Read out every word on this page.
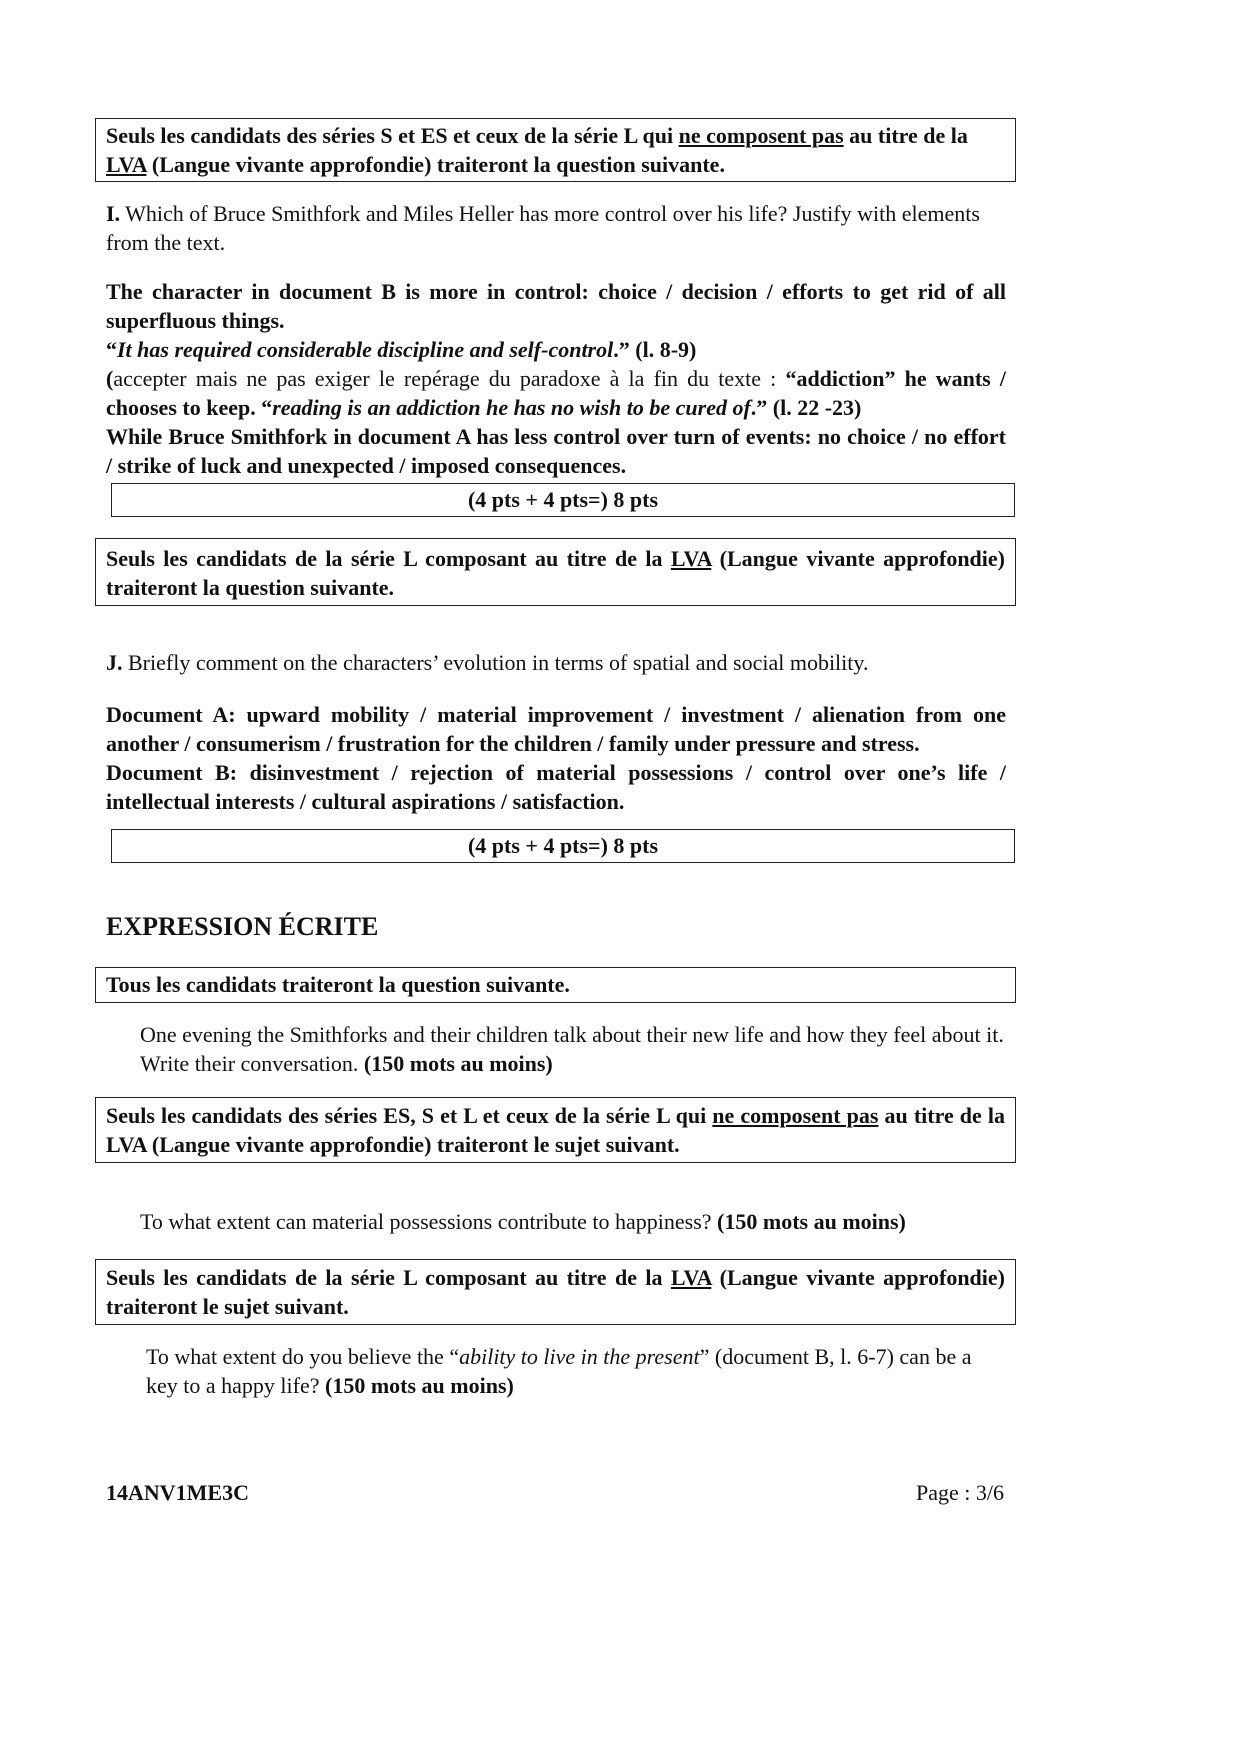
Seuls les candidats des séries S et ES et ceux de la série L qui ne composent pas au titre de la
LVA (Langue vivante approfondie) traiteront la question suivante.
I. Which of Bruce Smithfork and Miles Heller has more control over his life? Justify with elements from the text.
The character in document B is more in control: choice / decision / efforts to get rid of all superfluous things.
“It has required considerable discipline and self-control.” (l. 8-9)
(accepter mais ne pas exiger le repérage du paradoxe à la fin du texte : “addiction” he wants / chooses to keep. “reading is an addiction he has no wish to be cured of.” (l. 22 -23)
While Bruce Smithfork in document A has less control over turn of events: no choice / no effort / strike of luck and unexpected / imposed consequences.
(4 pts + 4 pts=) 8 pts
Seuls les candidats de la série L composant au titre de la LVA (Langue vivante approfondie) traiteront la question suivante.
J. Briefly comment on the characters’ evolution in terms of spatial and social mobility.
Document A: upward mobility / material improvement / investment / alienation from one another / consumerism / frustration for the children / family under pressure and stress.
Document B: disinvestment / rejection of material possessions / control over one’s life / intellectual interests / cultural aspirations / satisfaction.
(4 pts + 4 pts=) 8 pts
EXPRESSION ÉCRITE
Tous les candidats traiteront la question suivante.
One evening the Smithforks and their children talk about their new life and how they feel about it. Write their conversation. (150 mots au moins)
Seuls les candidats des séries ES, S et L et ceux de la série L qui ne composent pas au titre de la LVA (Langue vivante approfondie) traiteront le sujet suivant.
To what extent can material possessions contribute to happiness? (150 mots au moins)
Seuls les candidats de la série L composant au titre de la LVA (Langue vivante approfondie) traiteront le sujet suivant.
To what extent do you believe the “ability to live in the present” (document B, l. 6-7) can be a key to a happy life? (150 mots au moins)
14ANV1ME3C	Page : 3/6
